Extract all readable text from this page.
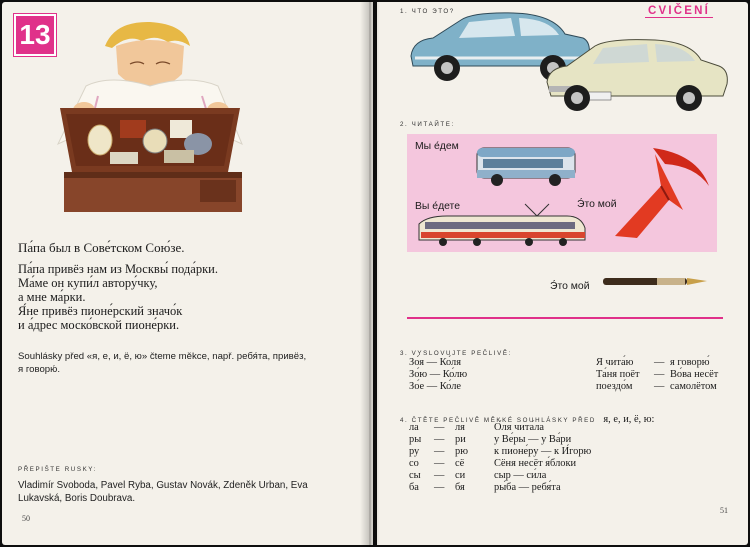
13
Па́па был в Сове́тском Сою́зе.
Па́па привёз нам из Москвы́ пода́рки.
Ма́ме он купи́л автору́чку,
а мне ма́рки.
Я́не привёз пионе́рский значо́к
и а́дрес моско́вской пионе́рки.
Souhlásky před «я, е, и, ё, ю» čteme měkce, např. ребя́та, привёз,
я говорю́.
PŘEPIŠTE RUSKY:
Vladimír Svoboda, Pavel Ryba, Gustav Novák, Zdeněk Urban, Eva
Lukavská, Boris Doubrava.
50
1. ЧТО ЭТО?	CVIČENÍ
2. ЧИТАЙТЕ:
Мы е́дем
Вы е́дете	Э́то мой
Э́то мой
3. VYSLOVUJTE PEČLIVĚ:
Зо́я — Ко́ля
Зо́ю — Ко́лю
Зо́е — Ко́ле
Я чита́ю
Та́ня поёт
поездо́м
—
—
—
я говорю́
Во́ва несёт
самолётом
4. ČTĚTE PEČLIVĚ MĚKKÉ SOUHLÁSKY PŘED я, е, и, ё, ю:
ла
ры
ру
со
сы
ба
—
—
—
—
—
—
ля
ри
рю
сё
си
бя
О́ля чита́ла
у Ве́ры — у Ва́ри
к пионе́ру — к И́горю
Сёня несёт я́блоки
сыр — си́ла
ры́ба — ребя́та
51
